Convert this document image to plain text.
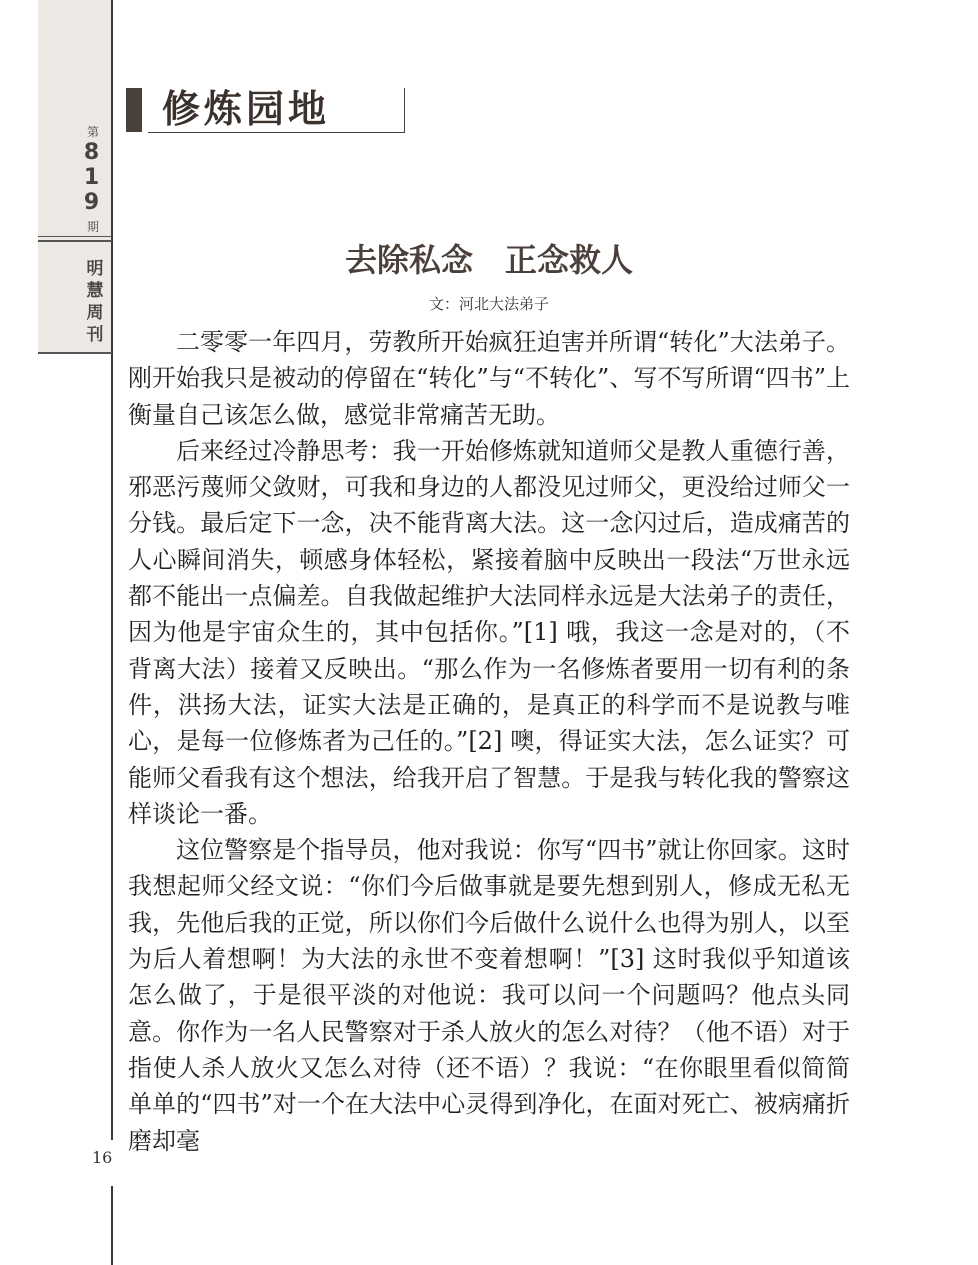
第
819
期
明
慧
周
刊
修炼园地
去除私念　正念救人
文：河北大法弟子

二零零一年四月，劳教所开始疯狂迫害并所谓“转化”大法弟子。刚开始我只是被动的停留在“转化”与“不转化”、写不写所谓“四书”上衡量自己该怎么做，感觉非常痛苦无助。

后来经过冷静思考：我一开始修炼就知道师父是教人重德行善，邪恶污蔑师父敛财，可我和身边的人都没见过师父，更没给过师父一分钱。最后定下一念，决不能背离大法。这一念闪过后，造成痛苦的人心瞬间消失，顿感身体轻松，紧接着脑中反映出一段法“万世永远都不能出一点偏差。自我做起维护大法同样永远是大法弟子的责任，因为他是宇宙众生的，其中包括你。”[1] 哦，我这一念是对的，（不背离大法）接着又反映出。“那么作为一名修炼者要用一切有利的条件，洪扬大法，证实大法是正确的，是真正的科学而不是说教与唯心，是每一位修炼者为己任的。”[2] 噢，得证实大法，怎么证实？可能师父看我有这个想法，给我开启了智慧。于是我与转化我的警察这样谈论一番。

这位警察是个指导员，他对我说：你写“四书”就让你回家。这时我想起师父经文说：“你们今后做事就是要先想到别人，修成无私无我，先他后我的正觉，所以你们今后做什么说什么也得为别人，以至为后人着想啊！为大法的永世不变着想啊！”[3] 这时我似乎知道该怎么做了，于是很平淡的对他说：我可以问一个问题吗？他点头同意。你作为一名人民警察对于杀人放火的怎么对待？（他不语）对于指使人杀人放火又怎么对待（还不语）？我说：“在你眼里看似简简单单的“四书”对一个在大法中心灵得到净化，在面对死亡、被病痛折磨却毫

16
